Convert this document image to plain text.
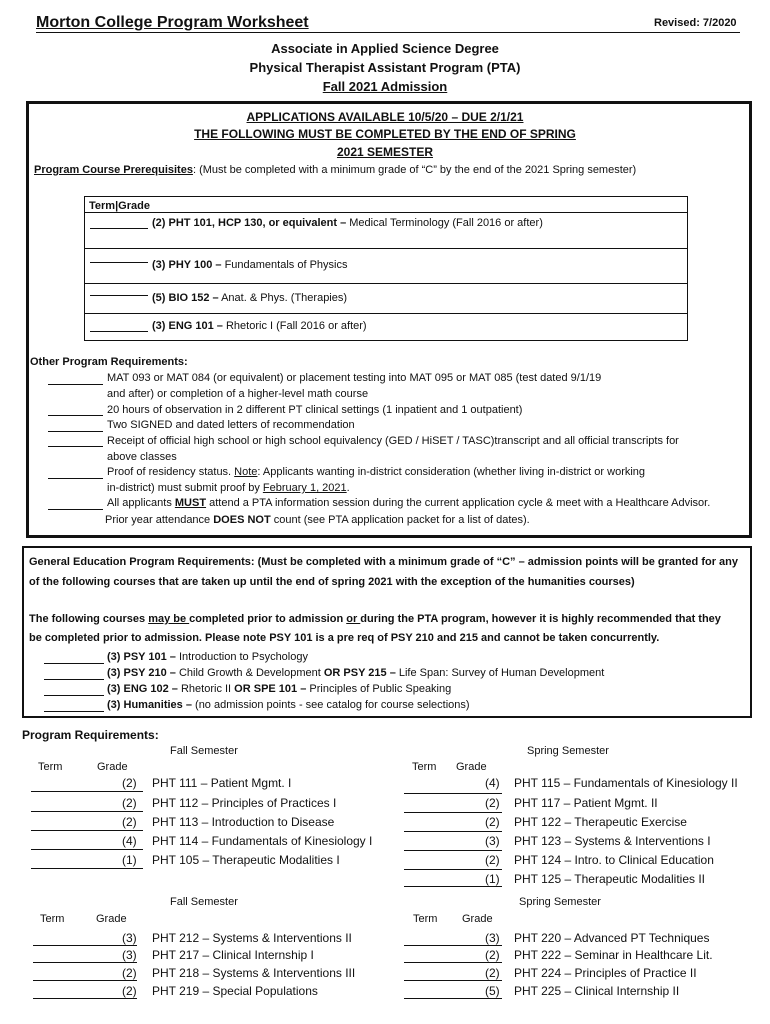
Morton College Program Worksheet	Revised: 7/2020
Associate in Applied Science Degree
Physical Therapist Assistant Program (PTA)
Fall 2021 Admission
APPLICATIONS AVAILABLE 10/5/20 – DUE 2/1/21
THE FOLLOWING MUST BE COMPLETED BY THE END OF SPRING
2021 SEMESTER
Program Course Prerequisites: (Must be completed with a minimum grade of “C” by the end of the 2021 Spring semester)
Term|Grade
(2) PHT 101, HCP 130, or equivalent – Medical Terminology (Fall 2016 or after)
(3) PHY 100 – Fundamentals of Physics
(5) BIO 152 – Anat. & Phys. (Therapies)
(3) ENG 101 – Rhetoric I (Fall 2016 or after)
Other Program Requirements:
MAT 093 or MAT 084 (or equivalent) or placement testing into MAT 095 or MAT 085 (test dated 9/1/19
and after) or completion of a higher-level math course
20 hours of observation in 2 different PT clinical settings (1 inpatient and 1 outpatient)
Two SIGNED and dated letters of recommendation
Receipt of official high school or high school equivalency (GED / HiSET / TASC)transcript and all official transcripts for
above classes
Proof of residency status. Note: Applicants wanting in-district consideration (whether living in-district or working
in-district) must submit proof by February 1, 2021.
All applicants MUST attend a PTA information session during the current application cycle & meet with a Healthcare Advisor.
Prior year attendance DOES NOT count (see PTA application packet for a list of dates).
General Education Program Requirements: (Must be completed with a minimum grade of “C” – admission points will be granted for any
of the following courses that are taken up until the end of spring 2021 with the exception of the humanities courses)
The following courses may be completed prior to admission or during the PTA program, however it is highly recommended that they
be completed prior to admission. Please note PSY 101 is a pre req of PSY 210 and 215 and cannot be taken concurrently.
(3) PSY 101 – Introduction to Psychology
(3) PSY 210 – Child Growth & Development OR PSY 215 – Life Span: Survey of Human Development
(3) ENG 102 – Rhetoric II OR SPE 101 – Principles of Public Speaking
(3) Humanities – (no admission points - see catalog for course selections)
Program Requirements:
Fall Semester	Spring Semester
Term	Grade	Term Grade
(2) PHT 111 – Patient Mgmt. I
(2) PHT 112 – Principles of Practices I
(2) PHT 113 – Introduction to Disease
(4) PHT 114 – Fundamentals of Kinesiology I
(1) PHT 105 – Therapeutic Modalities I
(4) PHT 115 – Fundamentals of Kinesiology II
(2) PHT 117 – Patient Mgmt. II
(2) PHT 122 – Therapeutic Exercise
(3) PHT 123 – Systems & Interventions I
(2) PHT 124 – Intro. to Clinical Education
(1) PHT 125 – Therapeutic Modalities II
Fall Semester	Spring Semester
Term	Grade	Term Grade
(3) PHT 212 – Systems & Interventions II
(3) PHT 217 – Clinical Internship I
(2) PHT 218 – Systems & Interventions III
(2) PHT 219 – Special Populations
(3) PHT 220 – Advanced PT Techniques
(2) PHT 222 – Seminar in Healthcare Lit.
(2) PHT 224 – Principles of Practice II
(5) PHT 225 – Clinical Internship II
